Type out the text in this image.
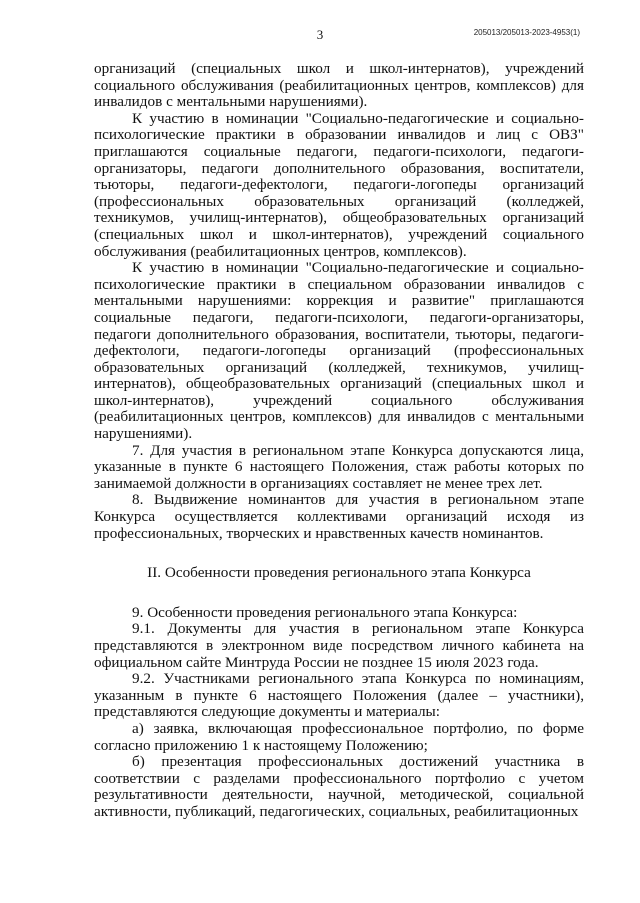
3	205013/205013-2023-4953(1)

организаций (специальных школ и школ-интернатов), учреждений социального обслуживания (реабилитационных центров, комплексов) для инвалидов с ментальными нарушениями).

К участию в номинации "Социально-педагогические и социально-психологические практики в образовании инвалидов и лиц с ОВЗ" приглашаются социальные педагоги, педагоги-психологи, педагоги-организаторы, педагоги дополнительного образования, воспитатели, тьюторы, педагоги-дефектологи, педагоги-логопеды организаций (профессиональных образовательных организаций (колледжей, техникумов, училищ-интернатов), общеобразовательных организаций (специальных школ и школ-интернатов), учреждений социального обслуживания (реабилитационных центров, комплексов).

К участию в номинации "Социально-педагогические и социально-психологические практики в специальном образовании инвалидов с ментальными нарушениями: коррекция и развитие" приглашаются социальные педагоги, педагоги-психологи, педагоги-организаторы, педагоги дополнительного образования, воспитатели, тьюторы, педагоги-дефектологи, педагоги-логопеды организаций (профессиональных образовательных организаций (колледжей, техникумов, училищ-интернатов), общеобразовательных организаций (специальных школ и школ-интернатов), учреждений социального обслуживания (реабилитационных центров, комплексов) для инвалидов с ментальными нарушениями).

7. Для участия в региональном этапе Конкурса допускаются лица, указанные в пункте 6 настоящего Положения, стаж работы которых по занимаемой должности в организациях составляет не менее трех лет.

8. Выдвижение номинантов для участия в региональном этапе Конкурса осуществляется коллективами организаций исходя из профессиональных, творческих и нравственных качеств номинантов.

II. Особенности проведения регионального этапа Конкурса

9. Особенности проведения регионального этапа Конкурса:

9.1. Документы для участия в региональном этапе Конкурса представляются в электронном виде посредством личного кабинета на официальном сайте Минтруда России не позднее 15 июля 2023 года.

9.2. Участниками регионального этапа Конкурса по номинациям, указанным в пункте 6 настоящего Положения (далее – участники), представляются следующие документы и материалы:

а) заявка, включающая профессиональное портфолио, по форме согласно приложению 1 к настоящему Положению;

б) презентация профессиональных достижений участника в соответствии с разделами профессионального портфолио с учетом результативности деятельности, научной, методической, социальной активности, публикаций, педагогических, социальных, реабилитационных
